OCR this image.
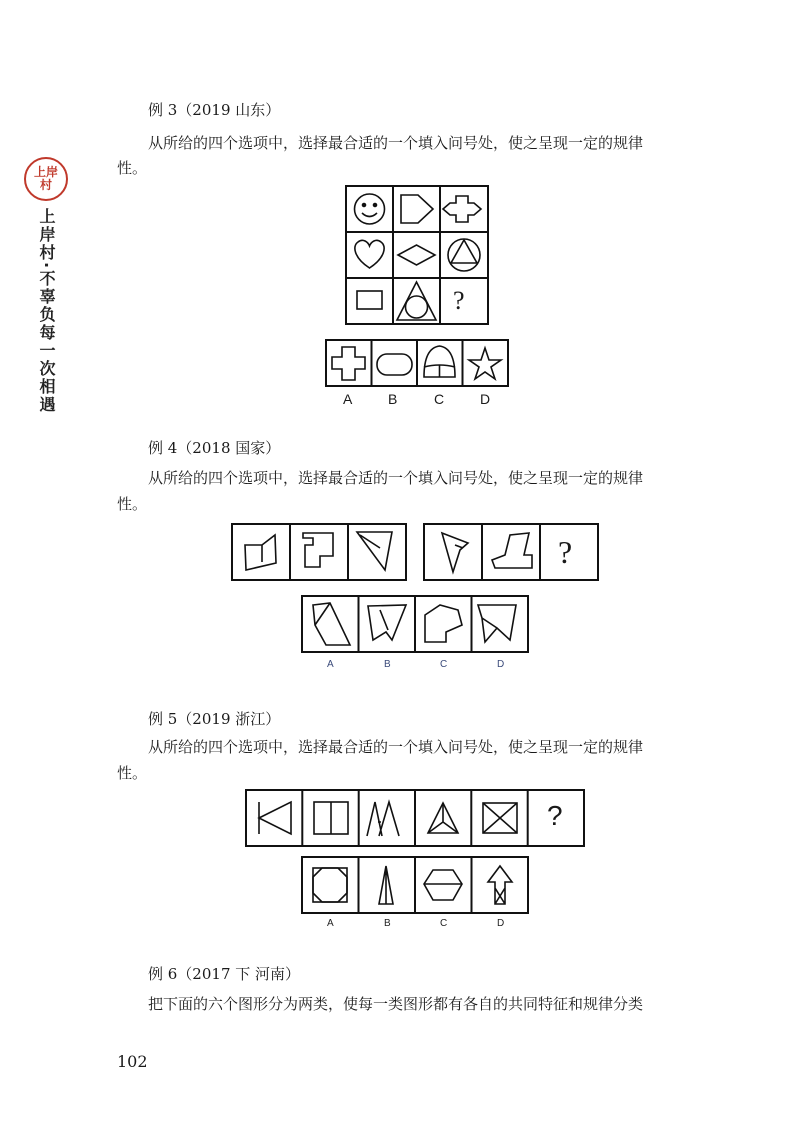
上岸村
上岸村·不辜负每一次相遇
例 3（2019 山东）
从所给的四个选项中，选择最合适的一个填入问号处，使之呈现一定的规律
性。
例 4（2018 国家）
从所给的四个选项中，选择最合适的一个填入问号处，使之呈现一定的规律
性。
例 5（2019 浙江）
从所给的四个选项中，选择最合适的一个填入问号处，使之呈现一定的规律
性。
例 6（2017 下 河南）
把下面的六个图形分为两类，使每一类图形都有各自的共同特征和规律分类
?
?
?
A	B	C	D
A	B	C	D
A	B	C	D
102
